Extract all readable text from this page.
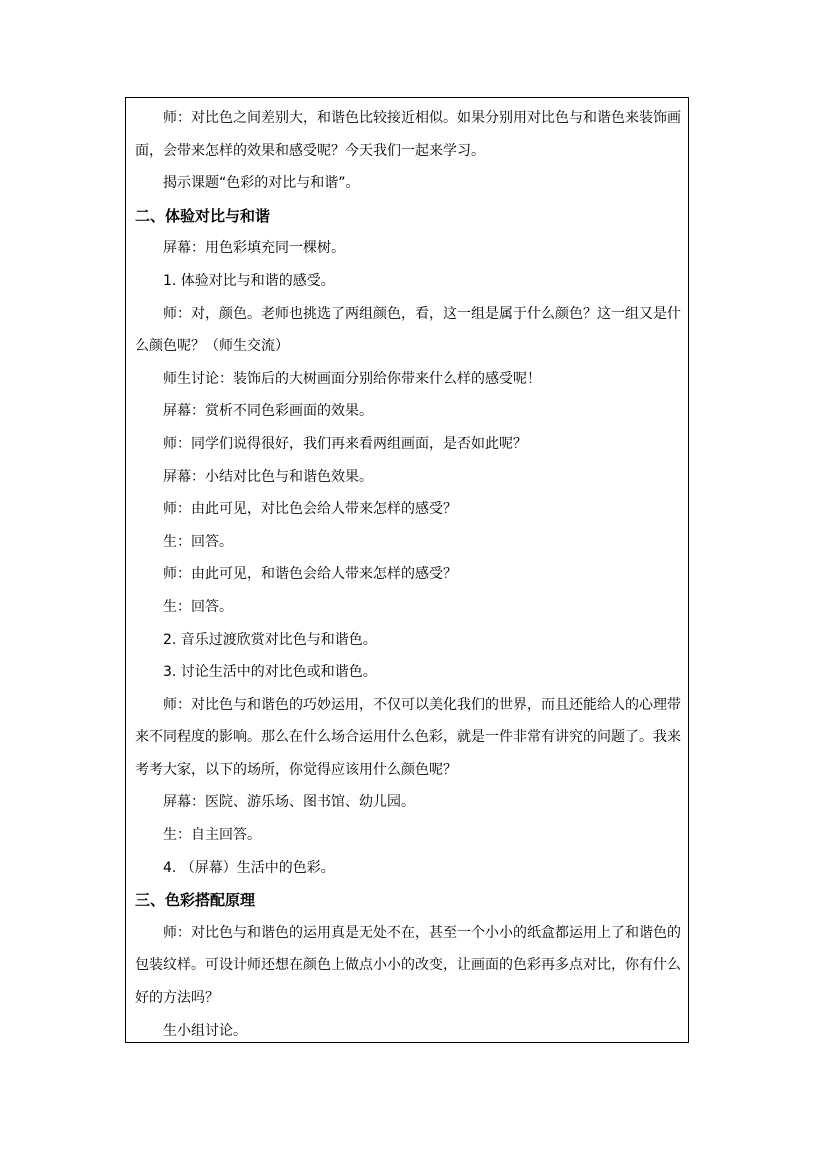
师：对比色之间差别大，和谐色比较接近相似。如果分别用对比色与和谐色来装饰画面，会带来怎样的效果和感受呢？今天我们一起来学习。

揭示课题“色彩的对比与和谐”。

二、体验对比与和谐

屏幕：用色彩填充同一棵树。

1. 体验对比与和谐的感受。

师：对，颜色。老师也挑选了两组颜色，看，这一组是属于什么颜色？这一组又是什么颜色呢？（师生交流）

师生讨论：装饰后的大树画面分别给你带来什么样的感受呢！

屏幕：赏析不同色彩画面的效果。

师：同学们说得很好，我们再来看两组画面，是否如此呢？

屏幕：小结对比色与和谐色效果。

师：由此可见，对比色会给人带来怎样的感受？

生：回答。

师：由此可见，和谐色会给人带来怎样的感受？

生：回答。

2. 音乐过渡欣赏对比色与和谐色。

3. 讨论生活中的对比色或和谐色。

师：对比色与和谐色的巧妙运用，不仅可以美化我们的世界，而且还能给人的心理带来不同程度的影响。那么在什么场合运用什么色彩，就是一件非常有讲究的问题了。我来考考大家，以下的场所，你觉得应该用什么颜色呢？

屏幕：医院、游乐场、图书馆、幼儿园。

生：自主回答。

4. （屏幕）生活中的色彩。

三、色彩搭配原理

师：对比色与和谐色的运用真是无处不在，甚至一个小小的纸盒都运用上了和谐色的包装纹样。可设计师还想在颜色上做点小小的改变，让画面的色彩再多点对比，你有什么好的方法吗？

生小组讨论。
